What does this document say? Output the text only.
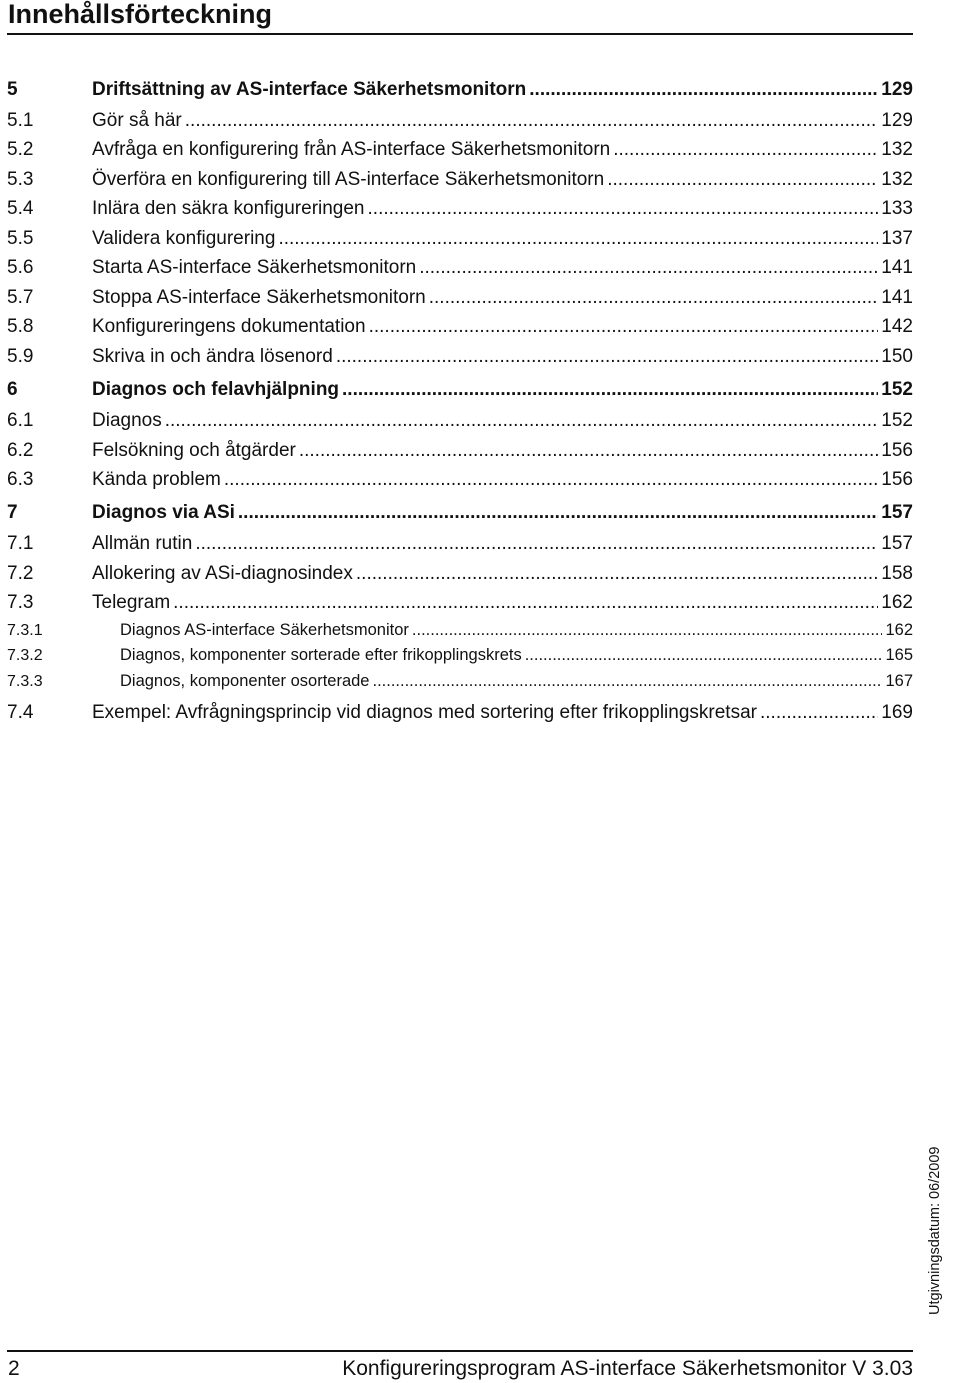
Innehållsförteckning
5	Driftsättning av AS-interface Säkerhetsmonitorn .....	129
5.1	Gör så här .....	129
5.2	Avfråga en konfigurering från AS-interface Säkerhetsmonitorn .....	132
5.3	Överföra en konfigurering till AS-interface Säkerhetsmonitorn .....	132
5.4	Inlära den säkra konfigureringen .....	133
5.5	Validera konfigurering .....	137
5.6	Starta AS-interface Säkerhetsmonitorn .....	141
5.7	Stoppa AS-interface Säkerhetsmonitorn .....	141
5.8	Konfigureringens dokumentation .....	142
5.9	Skriva in och ändra lösenord .....	150
6	Diagnos och felavhjälpning .....	152
6.1	Diagnos .....	152
6.2	Felsökning och åtgärder .....	156
6.3	Kända problem .....	156
7	Diagnos via ASi .....	157
7.1	Allmän rutin .....	157
7.2	Allokering av ASi-diagnosindex .....	158
7.3	Telegram .....	162
7.3.1	Diagnos AS-interface Säkerhetsmonitor .....	162
7.3.2	Diagnos, komponenter sorterade efter frikopplingskrets .....	165
7.3.3	Diagnos, komponenter osorterade .....	167
7.4	Exempel: Avfrågningsprincip vid diagnos med sortering efter frikopplingskretsar .....	169
Utgivningsdatum: 06/2009
2	Konfigureringsprogram AS-interface Säkerhetsmonitor V 3.03
